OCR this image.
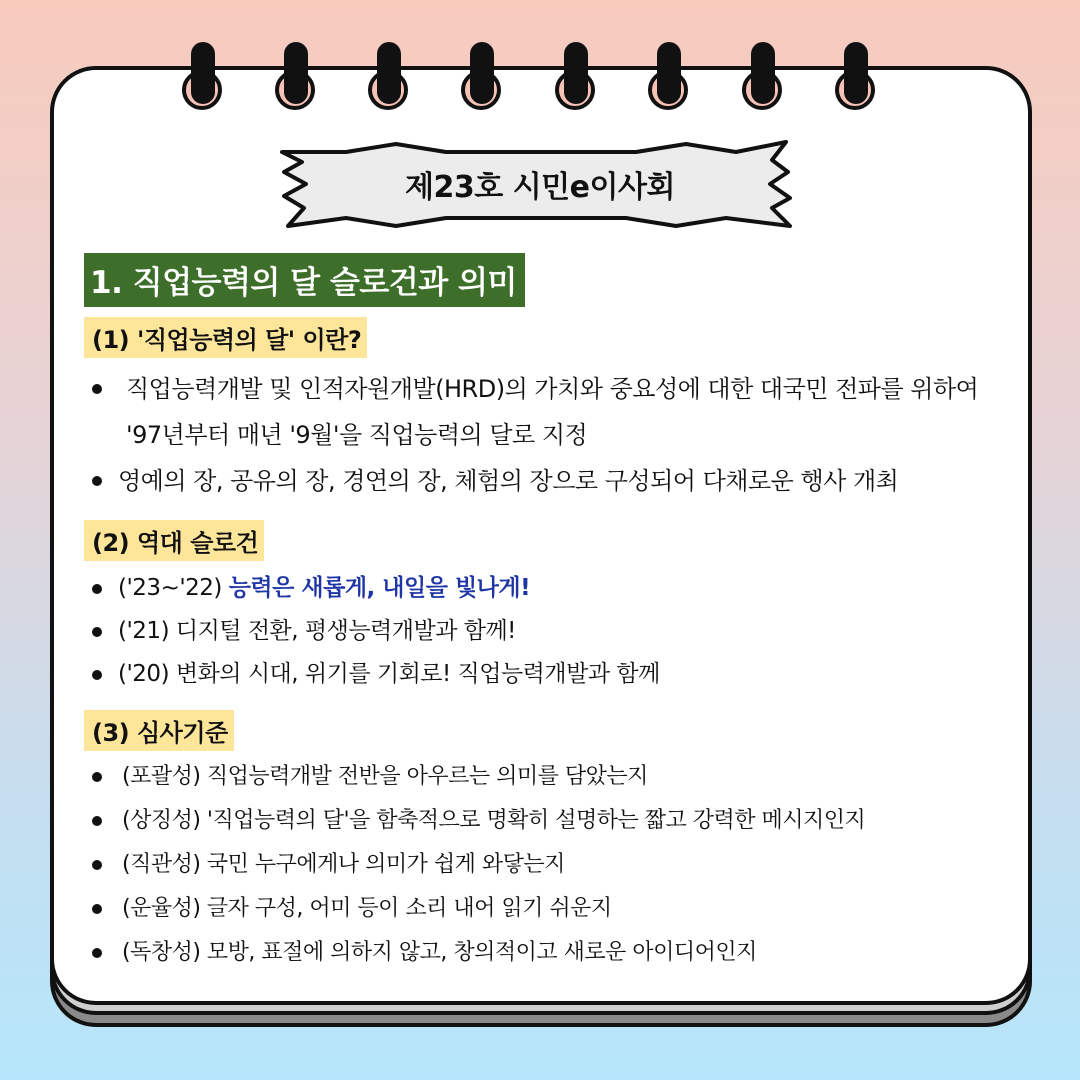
제23호 시민e이사회
1. 직업능력의 달 슬로건과 의미
(1) '직업능력의 달' 이란?
직업능력개발 및 인적자원개발(HRD)의 가치와 중요성에 대한 대국민 전파를 위하여 '97년부터 매년 '9월'을 직업능력의 달로 지정
영예의 장, 공유의 장, 경연의 장, 체험의 장으로 구성되어 다채로운 행사 개최
(2) 역대 슬로건
('23~'22) 능력은 새롭게, 내일을 빛나게!
('21) 디지털 전환, 평생능력개발과 함께!
('20) 변화의 시대, 위기를 기회로! 직업능력개발과 함께
(3) 심사기준
(포괄성) 직업능력개발 전반을 아우르는 의미를 담았는지
(상징성) '직업능력의 달'을 함축적으로 명확히 설명하는 짧고 강력한 메시지인지
(직관성) 국민 누구에게나 의미가 쉽게 와닿는지
(운율성) 글자 구성, 어미 등이 소리 내어 읽기 쉬운지
(독창성) 모방, 표절에 의하지 않고, 창의적이고 새로운 아이디어인지
